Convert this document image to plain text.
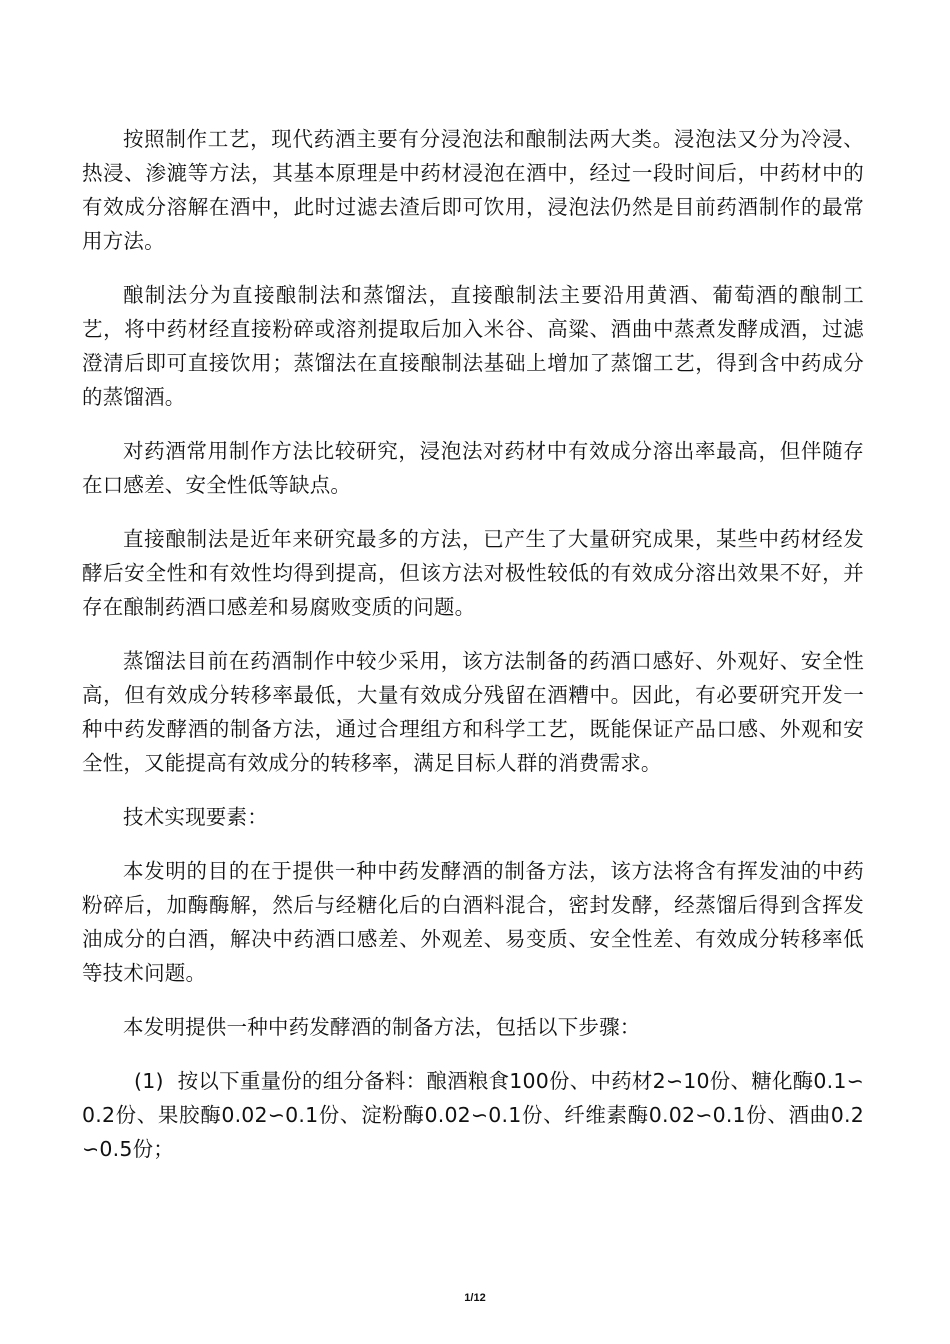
按照制作工艺，现代药酒主要有分浸泡法和酿制法两大类。浸泡法又分为冷浸、热浸、渗漉等方法，其基本原理是中药材浸泡在酒中，经过一段时间后，中药材中的有效成分溶解在酒中，此时过滤去渣后即可饮用，浸泡法仍然是目前药酒制作的最常用方法。

酿制法分为直接酿制法和蒸馏法，直接酿制法主要沿用黄酒、葡萄酒的酿制工艺，将中药材经直接粉碎或溶剂提取后加入米谷、高粱、酒曲中蒸煮发酵成酒，过滤澄清后即可直接饮用；蒸馏法在直接酿制法基础上增加了蒸馏工艺，得到含中药成分的蒸馏酒。

对药酒常用制作方法比较研究，浸泡法对药材中有效成分溶出率最高，但伴随存在口感差、安全性低等缺点。

直接酿制法是近年来研究最多的方法，已产生了大量研究成果，某些中药材经发酵后安全性和有效性均得到提高，但该方法对极性较低的有效成分溶出效果不好，并存在酿制药酒口感差和易腐败变质的问题。

蒸馏法目前在药酒制作中较少采用，该方法制备的药酒口感好、外观好、安全性高，但有效成分转移率最低，大量有效成分残留在酒糟中。因此，有必要研究开发一种中药发酵酒的制备方法，通过合理组方和科学工艺，既能保证产品口感、外观和安全性，又能提高有效成分的转移率，满足目标人群的消费需求。

技术实现要素：

本发明的目的在于提供一种中药发酵酒的制备方法，该方法将含有挥发油的中药粉碎后，加酶酶解，然后与经糖化后的白酒料混合，密封发酵，经蒸馏后得到含挥发油成分的白酒，解决中药酒口感差、外观差、易变质、安全性差、有效成分转移率低等技术问题。

本发明提供一种中药发酵酒的制备方法，包括以下步骤：

(1) 按以下重量份的组分备料：酿酒粮食100份、中药材2∽10份、糖化酶0.1∽0.2份、果胶酶0.02∽0.1份、淀粉酶0.02∽0.1份、纤维素酶0.02∽0.1份、酒曲0.2∽0.5份；

1/12
